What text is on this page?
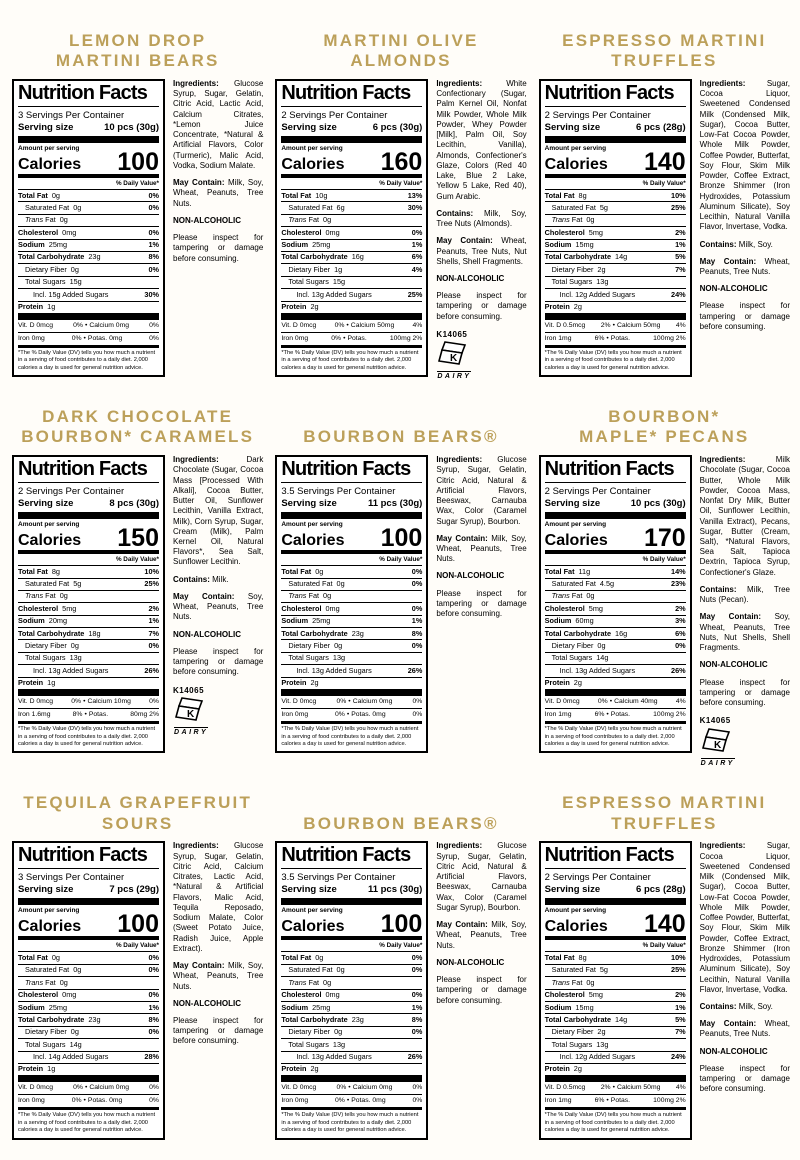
LEMON DROP
MARTINI BEARS
Nutrition Facts
3 Servings Per Container
Serving size	10 pcs (30g)
Amount per serving
Calories 100
% Daily Value*
Total Fat 0g	0%
Saturated Fat 0g	0%
Trans Fat 0g
Cholesterol 0mg	0%
Sodium 25mg	1%
Total Carbohydrate 23g	8%
Dietary Fiber 0g	0%
Total Sugars 15g
Incl. 15g Added Sugars	30%
Protein 1g
Vit. D 0mcg	0% • Calcium 0mg	0%
Iron 0mg	0% • Potas. 0mg	0%
*The % Daily Value (DV) tells you how much a nutrient in a serving of food contributes to a daily diet. 2,000 calories a day is used for general nutrition advice.

Ingredients: Glucose Syrup, Sugar, Gelatin, Citric Acid, Lactic Acid, Calcium Citrates, *Lemon Juice Concentrate, *Natural & Artificial Flavors, Color (Turmeric), Malic Acid, Vodka, Sodium Malate.

May Contain: Milk, Soy, Wheat, Peanuts, Tree Nuts.

NON-ALCOHOLIC

Please inspect for tampering or damage before consuming.

MARTINI OLIVE
ALMONDS
Nutrition Facts
2 Servings Per Container
Serving size	6 pcs (30g)
Amount per serving
Calories 160
% Daily Value*
Total Fat 10g	13%
Saturated Fat 6g	30%
Trans Fat 0g
Cholesterol 0mg	0%
Sodium 25mg	1%
Total Carbohydrate 16g	6%
Dietary Fiber 1g	4%
Total Sugars 15g
Incl. 13g Added Sugars	25%
Protein 2g
Vit. D 0mcg	0% • Calcium 50mg	4%
Iron 0mg	0% • Potas.	100mg 2%
*The % Daily Value (DV) tells you how much a nutrient in a serving of food contributes to a daily diet. 2,000 calories a day is used for general nutrition advice.

Ingredients:	White Confectionary (Sugar, Palm Kernel Oil, Nonfat Milk Powder, Whole Milk Powder, Whey Powder [Milk], Palm Oil, Soy Lecithin, Vanilla), Almonds, Confectioner's Glaze, Colors (Red 40 Lake, Blue 2 Lake, Yellow 5 Lake, Red 40), Gum Arabic.

Contains: Milk, Soy, Tree Nuts (Almonds).

May Contain: Wheat, Peanuts, Tree Nuts, Nut Shells, Shell Fragments.

NON-ALCOHOLIC

Please inspect for tampering or damage before consuming.

K14065
K
DAIRY
ESPRESSO MARTINI
TRUFFLES
Nutrition Facts
2 Servings Per Container
Serving size	6 pcs (28g)
Amount per serving
Calories 140
% Daily Value*
Total Fat 8g	10%
Saturated Fat 5g	25%
Trans Fat 0g
Cholesterol 5mg	2%
Sodium 15mg	1%
Total Carbohydrate 14g	5%
Dietary Fiber 2g	7%
Total Sugars 13g
Incl. 12g Added Sugars	24%
Protein 2g
Vit. D 0.5mcg 2% • Calcium 50mg 4%
Iron 1mg	6% • Potas.	100mg 2%
*The % Daily Value (DV) tells you how much a nutrient in a serving of food contributes to a daily diet. 2,000 calories a day is used for general nutrition advice.

Ingredients:	Sugar, Cocoa Liquor, Sweetened Condensed Milk (Condensed Milk, Sugar), Cocoa Butter, Low-Fat Cocoa Powder, Whole Milk Powder, Coffee Powder, Butterfat, Soy Flour, Skim Milk Powder, Coffee Extract, Bronze Shimmer (Iron Hydroxides, Potassium Aluminum Silicate), Soy Lecithin, Natural Vanilla Flavor, Invertase, Vodka.

Contains: Milk, Soy.

May Contain: Wheat, Peanuts, Tree Nuts.

NON-ALCOHOLIC

Please inspect for tampering or damage before consuming.

DARK CHOCOLATE
BOURBON* CARAMELS
Nutrition Facts
2 Servings Per Container
Serving size	8 pcs (30g)
Amount per serving
Calories 150
% Daily Value*
Total Fat 8g	10%
Saturated Fat 5g	25%
Trans Fat 0g
Cholesterol 5mg	2%
Sodium 20mg	1%
Total Carbohydrate 18g	7%
Dietary Fiber 0g	0%
Total Sugars 13g
Incl. 13g Added Sugars	26%
Protein 1g
Vit. D 0mcg	0% • Calcium 10mg	0%
Iron 1.6mg	8% • Potas.	80mg 2%
*The % Daily Value (DV) tells you how much a nutrient in a serving of food contributes to a daily diet. 2,000 calories a day is used for general nutrition advice.

Ingredients:	Dark Chocolate (Sugar, Cocoa Mass [Processed With Alkali], Cocoa Butter, Butter Oil, Sunflower Lecithin, Vanilla Extract, Milk), Corn Syrup, Sugar, Cream (Milk), Palm Kernel Oil, Natural Flavors*, Sea Salt, Sunflower Lecithin.

Contains: Milk.

May Contain: Soy, Wheat, Peanuts, Tree Nuts.

NON-ALCOHOLIC

Please inspect for tampering or damage before consuming.

K14065
K
DAIRY
BOURBON BEARS®
Nutrition Facts
3.5 Servings Per Container
Serving size	11 pcs (30g)
Amount per serving
Calories 100
% Daily Value*
Total Fat 0g	0%
Saturated Fat 0g	0%
Trans Fat 0g
Cholesterol 0mg	0%
Sodium 25mg	1%
Total Carbohydrate 23g	8%
Dietary Fiber 0g	0%
Total Sugars 13g
Incl. 13g Added Sugars	26%
Protein 2g
Vit. D 0mcg	0% • Calcium 0mg	0%
Iron 0mg	0% • Potas. 0mg	0%
*The % Daily Value (DV) tells you how much a nutrient in a serving of food contributes to a daily diet. 2,000 calories a day is used for general nutrition advice.

Ingredients: Glucose Syrup, Sugar, Gelatin, Citric Acid, Natural & Artificial Flavors, Beeswax, Carnauba Wax, Color (Caramel Sugar Syrup), Bourbon.

May Contain: Milk, Soy, Wheat, Peanuts, Tree Nuts.

NON-ALCOHOLIC

Please inspect for tampering or damage before consuming.

BOURBON*
MAPLE* PECANS
Nutrition Facts
2 Servings Per Container
Serving size	10 pcs (30g)
Amount per serving
Calories 170
% Daily Value*
Total Fat 11g	14%
Saturated Fat 4.5g	23%
Trans Fat 0g
Cholesterol 5mg	2%
Sodium 60mg	3%
Total Carbohydrate 16g	6%
Dietary Fiber 0g	0%
Total Sugars 14g
Incl. 13g Added Sugars	26%
Protein 2g
Vit. D 0mcg	0% • Calcium 40mg	4%
Iron 1mg	6% • Potas.	100mg 2%
*The % Daily Value (DV) tells you how much a nutrient in a serving of food contributes to a daily diet. 2,000 calories a day is used for general nutrition advice.

Ingredients:	Milk Chocolate (Sugar, Cocoa Butter, Whole Milk Powder, Cocoa Mass, Nonfat Dry Milk, Butter Oil, Sunflower Lecithin, Vanilla Extract), Pecans, Sugar, Butter (Cream, Salt), *Natural Flavors, Sea Salt, Tapioca Dextrin, Tapioca Syrup, Confectioner's Glaze.

Contains: Milk, Tree Nuts (Pecan).

May Contain: Soy, Wheat, Peanuts, Tree Nuts, Nut Shells, Shell Fragments.

NON-ALCOHOLIC

Please inspect for tampering or damage before consuming.

K14065
K
DAIRY
TEQUILA GRAPEFRUIT
SOURS
Nutrition Facts
3 Servings Per Container
Serving size	7 pcs (29g)
Amount per serving
Calories 100
% Daily Value*
Total Fat 0g	0%
Saturated Fat 0g	0%
Trans Fat 0g
Cholesterol 0mg	0%
Sodium 25mg	1%
Total Carbohydrate 23g	8%
Dietary Fiber 0g	0%
Total Sugars 14g
Incl. 14g Added Sugars	28%
Protein 1g
Vit. D 0mcg	0% • Calcium 0mg	0%
Iron 0mg	0% • Potas. 0mg	0%
*The % Daily Value (DV) tells you how much a nutrient in a serving of food contributes to a daily diet. 2,000 calories a day is used for general nutrition advice.

Ingredients: Glucose Syrup, Sugar, Gelatin, Citric Acid, Calcium Citrates, Lactic Acid, *Natural & Artificial Flavors, Malic Acid, Tequila Reposado, Sodium Malate, Color (Sweet Potato Juice, Radish Juice, Apple Extract).

May Contain: Milk, Soy, Wheat, Peanuts, Tree Nuts.

NON-ALCOHOLIC

Please inspect for tampering or damage before consuming.

BOURBON BEARS®
Nutrition Facts
3.5 Servings Per Container
Serving size	11 pcs (30g)
Amount per serving
Calories 100
% Daily Value*
Total Fat 0g	0%
Saturated Fat 0g	0%
Trans Fat 0g
Cholesterol 0mg	0%
Sodium 25mg	1%
Total Carbohydrate 23g	8%
Dietary Fiber 0g	0%
Total Sugars 13g
Incl. 13g Added Sugars	26%
Protein 2g
Vit. D 0mcg	0% • Calcium 0mg	0%
Iron 0mg	0% • Potas. 0mg	0%
*The % Daily Value (DV) tells you how much a nutrient in a serving of food contributes to a daily diet. 2,000 calories a day is used for general nutrition advice.

Ingredients: Glucose Syrup, Sugar, Gelatin, Citric Acid, Natural & Artificial Flavors, Beeswax, Carnauba Wax, Color (Caramel Sugar Syrup), Bourbon.

May Contain: Milk, Soy, Wheat, Peanuts, Tree Nuts.

NON-ALCOHOLIC

Please inspect for tampering or damage before consuming.

ESPRESSO MARTINI
TRUFFLES
Nutrition Facts
2 Servings Per Container
Serving size	6 pcs (28g)
Amount per serving
Calories 140
% Daily Value*
Total Fat 8g	10%
Saturated Fat 5g	25%
Trans Fat 0g
Cholesterol 5mg	2%
Sodium 15mg	1%
Total Carbohydrate 14g	5%
Dietary Fiber 2g	7%
Total Sugars 13g
Incl. 12g Added Sugars	24%
Protein 2g
Vit. D 0.5mcg 2% • Calcium 50mg 4%
Iron 1mg	6% • Potas.	100mg 2%
*The % Daily Value (DV) tells you how much a nutrient in a serving of food contributes to a daily diet. 2,000 calories a day is used for general nutrition advice.

Ingredients:	Sugar, Cocoa Liquor, Sweetened Condensed Milk (Condensed Milk, Sugar), Cocoa Butter, Low-Fat Cocoa Powder, Whole Milk Powder, Coffee Powder, Butterfat, Soy Flour, Skim Milk Powder, Coffee Extract, Bronze Shimmer (Iron Hydroxides, Potassium Aluminum Silicate), Soy Lecithin, Natural Vanilla Flavor, Invertase, Vodka.

Contains: Milk, Soy.

May Contain: Wheat, Peanuts, Tree Nuts.

NON-ALCOHOLIC

Please inspect for tampering or damage before consuming.
